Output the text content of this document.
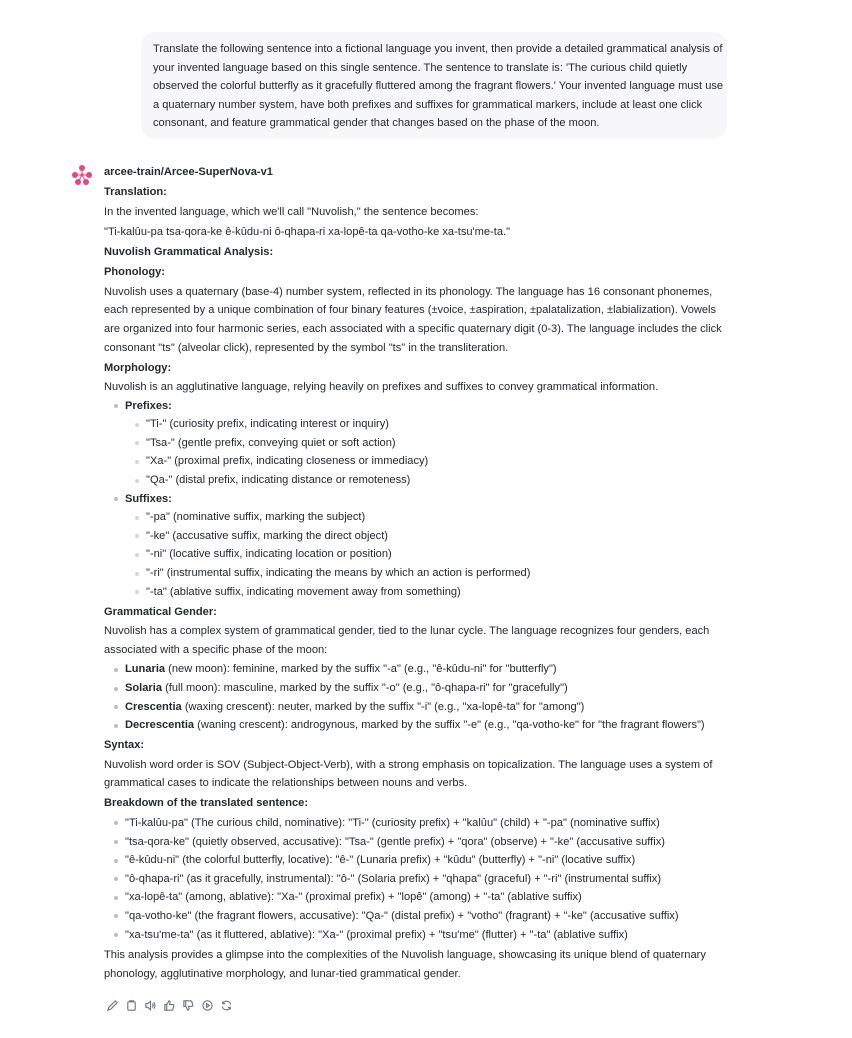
Translate the following sentence into a fictional language you invent, then provide a detailed grammatical analysis of your invented language based on this single sentence. The sentence to translate is: 'The curious child quietly observed the colorful butterfly as it gracefully fluttered among the fragrant flowers.' Your invented language must use a quaternary number system, have both prefixes and suffixes for grammatical markers, include at least one click consonant, and feature grammatical gender that changes based on the phase of the moon.

arcee-train/Arcee-SuperNova-v1

Translation:

In the invented language, which we'll call "Nuvolish," the sentence becomes:

"Ti-kalûu-pa tsa-qora-ke ê-kûdu-ni ô-qhapa-ri xa-lopê-ta qa-votho-ke xa-tsu'me-ta."

Nuvolish Grammatical Analysis:

Phonology:

Nuvolish uses a quaternary (base-4) number system, reflected in its phonology. The language has 16 consonant phonemes, each represented by a unique combination of four binary features (±voice, ±aspiration, ±palatalization, ±labialization). Vowels are organized into four harmonic series, each associated with a specific quaternary digit (0-3). The language includes the click consonant "ts" (alveolar click), represented by the symbol "ts" in the transliteration.

Morphology:

Nuvolish is an agglutinative language, relying heavily on prefixes and suffixes to convey grammatical information.

Prefixes:
"Ti-" (curiosity prefix, indicating interest or inquiry)
"Tsa-" (gentle prefix, conveying quiet or soft action)
"Xa-" (proximal prefix, indicating closeness or immediacy)
"Qa-" (distal prefix, indicating distance or remoteness)
Suffixes:
"-pa" (nominative suffix, marking the subject)
"-ke" (accusative suffix, marking the direct object)
"-ni" (locative suffix, indicating location or position)
"-ri" (instrumental suffix, indicating the means by which an action is performed)
"-ta" (ablative suffix, indicating movement away from something)

Grammatical Gender:

Nuvolish has a complex system of grammatical gender, tied to the lunar cycle. The language recognizes four genders, each associated with a specific phase of the moon:

Lunaria (new moon): feminine, marked by the suffix "-a" (e.g., "ê-kûdu-ni" for "butterfly")
Solaria (full moon): masculine, marked by the suffix "-o" (e.g., "ô-qhapa-ri" for "gracefully")
Crescentia (waxing crescent): neuter, marked by the suffix "-i" (e.g., "xa-lopê-ta" for "among")
Decrescentia (waning crescent): androgynous, marked by the suffix "-e" (e.g., "qa-votho-ke" for "the fragrant flowers")

Syntax:

Nuvolish word order is SOV (Subject-Object-Verb), with a strong emphasis on topicalization. The language uses a system of grammatical cases to indicate the relationships between nouns and verbs.

Breakdown of the translated sentence:

"Ti-kalûu-pa" (The curious child, nominative): "Ti-" (curiosity prefix) + "kalûu" (child) + "-pa" (nominative suffix)
"tsa-qora-ke" (quietly observed, accusative): "Tsa-" (gentle prefix) + "qora" (observe) + "-ke" (accusative suffix)
"ê-kûdu-ni" (the colorful butterfly, locative): "ê-" (Lunaria prefix) + "kûdu" (butterfly) + "-ni" (locative suffix)
"ô-qhapa-ri" (as it gracefully, instrumental): "ô-" (Solaria prefix) + "qhapa" (graceful) + "-ri" (instrumental suffix)
"xa-lopê-ta" (among, ablative): "Xa-" (proximal prefix) + "lopê" (among) + "-ta" (ablative suffix)
"qa-votho-ke" (the fragrant flowers, accusative): "Qa-" (distal prefix) + "votho" (fragrant) + "-ke" (accusative suffix)
"xa-tsu'me-ta" (as it fluttered, ablative): "Xa-" (proximal prefix) + "tsu'me" (flutter) + "-ta" (ablative suffix)

This analysis provides a glimpse into the complexities of the Nuvolish language, showcasing its unique blend of quaternary phonology, agglutinative morphology, and lunar-tied grammatical gender.
